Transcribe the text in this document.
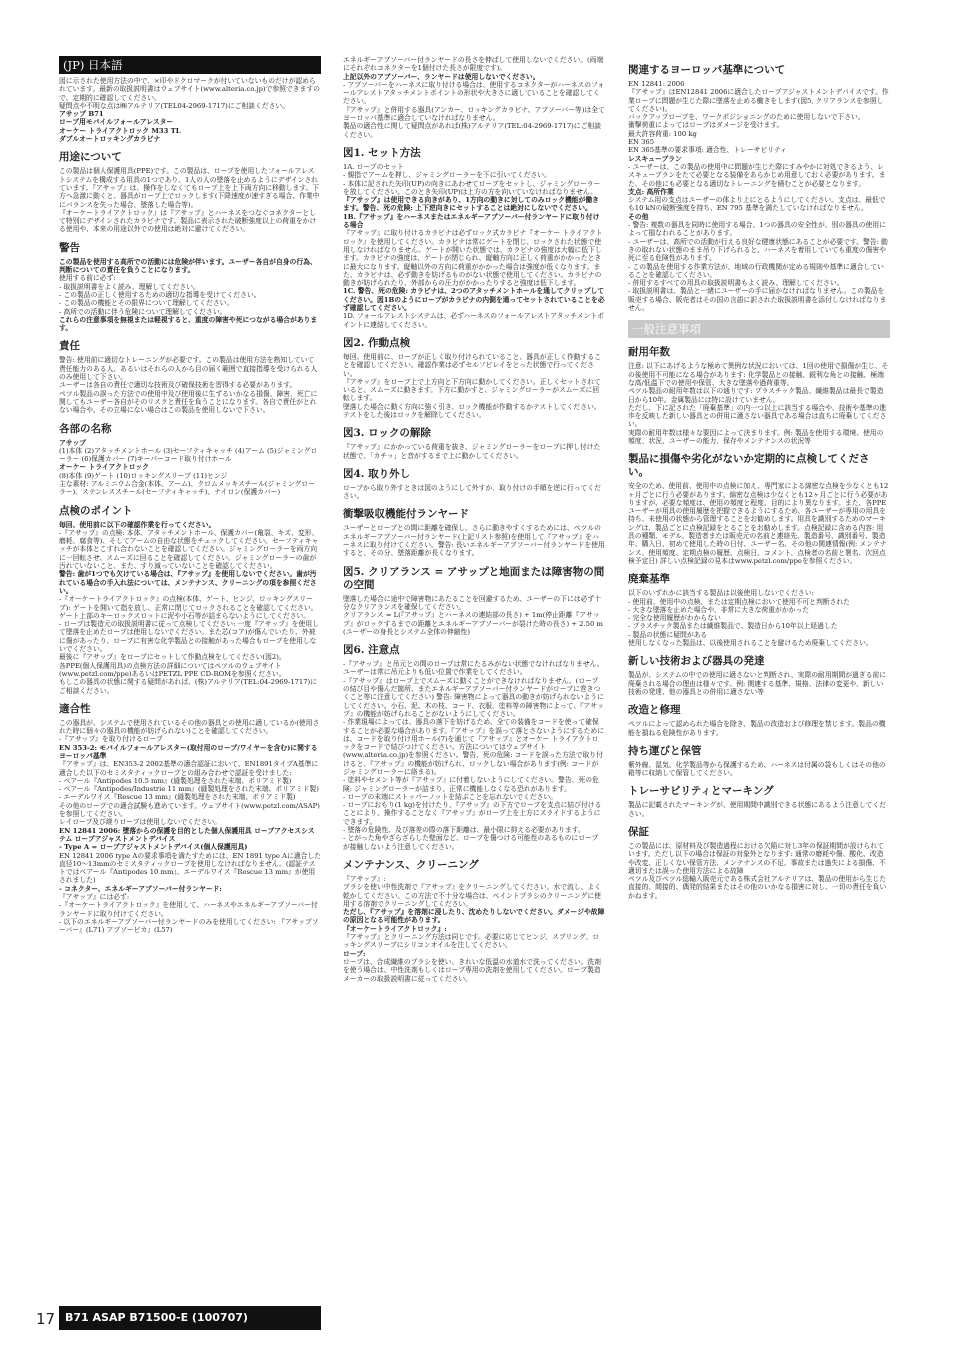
(JP) 日本語

図に示された使用方法の中で、×印やドクロマークが付いていないものだけが認められています。最新の取扱説明書はウェブサイト(www.alteria.co.jp)で参照できますので、定期的に確認してください。

疑問点や不明な点は㈱アルテリア(TEL04-2969-1717)にご相談ください。

アサップ B71

ロープ用モバイルフォールアレスター

オーケー トライアクトロック M33 TL

ダブルオートロッキングカラビナ

用途について

この製品は個人保護用具(PPE)です。この製品は、ロープを使用したフォールアレストシステムを構成する用具の1つであり、1人の人の墜落を止めるようにデザインされています。『アサップ』は、操作をしなくてもロープ上を上下両方向に移動します。下方へ急激に動くと、器具がロープ上でロックします(下降速度が速すぎる場合、作業中にバランスを失った場合、墜落した場合等)。

『オーケートライアクトロック』は『アサップ』とハーネスをつなぐコネクターとして特別にデザインされたカラビナです。製品に表示された破断強度以上の荷重をかける使用や、本来の用途以外での使用は絶対に避けてください。

警告

この製品を使用する高所での活動には危険が伴います。ユーザー各自が自身の行為、判断についての責任を負うことになります。

使用する前に必ず:

- 取扱説明書をよく読み、理解してください。

- この製品の正しく使用するための適切な指導を受けてください。

- この製品の機能とその限界について理解してください。

- 高所での活動に伴う危険について理解してください。

これらの注意事項を無視または軽視すると、重度の障害や死につながる場合があります。

責任

警告: 使用前に適切なトレーニングが必要です。この製品は使用方法を熟知していて責任能力のある人、あるいはそれらの人から目の届く範囲で直接指導を受けられる人のみ使用して下さい。

ユーザーは各自の責任で適切な技術及び確保技術を習得する必要があります。

ペツル製品の誤った方法での使用中及び使用後に生ずるいかなる損傷、障害、死亡に関してもユーザー各自がそのリスクと責任を負うことになります。各自で責任がとれない場合や、その立場にない場合はこの製品を使用しないで下さい。

各部の名称

アサップ

(1)本体 (2)アタッチメントホール (3)セーフティキャッチ (4)アーム (5)ジャミングローラー (6)保護カバー (7)キーパーコード取り付けホール

オーケー トライアクトロック

(8)本体 (9)ゲート (10)ロッキングスリーブ (11)ヒンジ

主な素材: アルミニウム合金(本体、アーム)、クロムメッキスチール(ジャミングローラー)、ステンレススチール(セーフティキャッチ)、ナイロン(保護カバー)

点検のポイント

毎回、使用前に以下の確認作業を行ってください。

-『アサップ』の点検: 本体、アタッチメントホール、保護カバー(亀裂、キズ、変形、磨耗、腐食等)、そしてアームの自由な状態をチェックしてください。セーフティキャッチが本体とこすれ合わないことを確認してください。ジャミングローラーを両方向に一回転させ、スムーズに回ることを確認してください。ジャミングローラーの歯が汚れていないこと、また、すり減っていないことを確認してください。

警告: 歯が1つでも欠けている場合は、『アサップ』を使用しないでください。歯が汚れている場合の手入れ法については、メンテナンス、クリーニングの項を参照ください。

-『オーケートライアクトロック』の点検(本体、ゲート、ヒンジ、ロッキングスリーブ): ゲートを開いて指を放し、正常に閉じてロックされることを確認してください。ゲート上部のキーロックスロットに泥や小石等が詰まらないようにしてください。

- ロープは製造元の取扱説明書に従って点検してください: 一度『アサップ』を使用して墜落を止めたロープは使用しないでください。また芯(コア)が傷んでいたり、外被に傷があったり、ロープに有害な化学製品との接触があった場合もロープを使用しないでください。

最後に『アサップ』をロープにセットして作動点検をしてください(図2)。

各PPE(個人保護用具)の点検方法の詳細についてはペツルのウェブサイト(www.petzl.com/ppe)あるいはPETZL PPE CD-ROMを参照ください。

もしこの器具の状態に関する疑問があれば、(株)アルテリア(TEL:04-2969-1717)にご相談ください。

適合性

この器具が、システムで使用されているその他の器具との使用に適しているか(使用された時に個々の器具の機能が妨げられない)ことを確認してください。

-『アサップ』を取り付けるロープ

EN 353-2: モバイルフォールアレスター(取付用のロープ/ワイヤーを含む)に関するヨーロッパ基準

『アサップ』は、EN353-2 2002基準の適合認証において、EN1891タイプA基準に適合した以下のセミスタティックロープとの組み合わせで認証を受けました:

- ベアール『Antipodes 10.5 mm』(縫製処理をされた末端、ポリアミド製)

- ベアール『Antipodes/Industrie 11 mm』(縫製処理をされた末端、ポリアミド製)

- エーデルワイス『Rescue 13 mm』(縫製処理をされた末端、ポリアミド製)

その他のロープでの適合試験も進めています。ウェブサイト(www.petzl.com/ASAP)を参照してください。

レイロープ及び縒りロープは使用しないでください。

EN 12841 2006: 墜落からの保護を目的とした個人保護用具 ロープアクセスシステム ロープアジャストメントデバイス

- Type A = ロープアジャストメントデバイス(個人保護用具)

EN 12841 2006 type Aの要求事項を満たすためには、EN 1891 type Aに適合した直径10〜13mmのセミスタティックロープを使用しなければなりません。(認証テストではベアール『Antipodes 10 mm』、エーデルワイス『Rescue 13 mm』が使用されました)

- コネクター、エネルギーアブソーバー付ランヤード:

『アサップ』には必ず:

-『オーケートライアクトロック』を使用して、ハーネスやエネルギーアブソーバー付ランヤードに取り付けてください。

- 以下のエネルギーアブソーバー付ランヤードのみを使用してください: 『アサップソーバー』(L71) アブソービカ』(L57)

エネルギーアブソーバー付ランヤードの長さを伸ばして使用しないでください。(両端にそれぞれコネクターを1個付けた長さが限度です)。

上記以外のアブソーバー、ランヤードは使用しないでください。

- アブソーバーをハーネスに取り付ける場合は、使用するコネクターがハーネスのフォールアレストアタッチメントポイントの形状や大きさに適していることを確認してください。

『アサップ』と併用する器具(アンカー、ロッキングカラビナ、アブソーバー等)は全てヨーロッパ基準に適合していなければなりません。

製品の適合性に関して疑問点があれば(株)アルテリア(TEL:04-2969-1717)にご相談ください。

図1. セット方法

1A. ロープのセット

- 親指でアームを押し、ジャミングローラーを下に引いてください。

- 本体に記された矢印(UP)の向きにあわせてロープをセットし、ジャミングローラーを放してください。このとき矢印(UP)は上方の方を向いていなければなりません。

『アサップ』は使用できる向きがあり、1方向の動きに対してのみロック機能が働きます。警告、死の危険: 上下逆向きにセットすることは絶対にしないでください。

1B.『アサップ』をハーネスまたはエネルギーアブソーバー付ランヤードに取り付ける場合

『アサップ』に取り付けるカラビナは必ずロック式カラビナ『オーケー トライアクトロック』を使用してください。カラビナは常にゲートを閉じ、ロックされた状態で使用しなければなりません。ゲートが開いた状態では、カラビナの強度は大幅に低下します。カラビナの強度は、ゲートが閉じられ、縦軸方向に正しく荷重がかかったときに最大になります。縦軸以外の方向に荷重がかかった場合は強度が低くなります。また、カラビナは、必ず動きを妨げるものがない状態で使用してください。カラビナの動きが妨げられたり、外部からの圧力がかかったりすると強度は低下します。

1C. 警告、死の危険: カラビナは、2つのアタッチメントホールを通してクリップしてください。図1Bのようにロープがカラビナの内側を通ってセットされていることを必ず確認してください。

1D. フォールアレストシステムは、必ずハーネスのフォールアレストアタッチメントポイントに連結してください。

図2. 作動点検

毎回、使用前に、ロープが正しく取り付けられていること、器具が正しく作動することを確認してください。確認作業は必ずセルフビレイをとった状態で行ってください。

『アサップ』をロープ上で上方向と下方向に動かしてください。正しくセットされていると、スムーズに動きます。下方に動かすと、ジャミングローラーがスムーズに回転します。

墜落した場合に動く方向に強く引き、ロック機能が作動するかテストしてください。

テストをした後はロックを解除してください。

図3. ロックの解除

『アサップ』にかかっている荷重を抜き、ジャミングローラーをロープに押し付けた状態で、「カチッ」と音がするまで上に動かしてください。

図4. 取り外し

ロープから取り外すときは図のようにして外すか、取り付けの手順を逆に行ってください。

衝撃吸収機能付ランヤード

ユーザーとロープとの間に距離を確保し、さらに動きやすくするためには、ペツルのエネルギーアブソーバー付ランヤード(上記リスト参照)を使用して『アサップ』をハーネスに取り付けてください。警告: 長いエネルギーアブソーバー付ランヤードを使用すると、その分、墜落距離が長くなります。

図5. クリアランス = アサップと地面または障害物の間の空間

墜落した場合に途中で障害物にあたることを回避するため、ユーザーの下には必ず十分なクリアランスを確保してください。

クリアランス = L(『アサップ』とハーネスの連結部の長さ) + 1m(停止距離『アサップ』がロックするまでの距離とエネルギーアブソーバーが裂けた時の長さ) + 2.50 m (ユーザーの身長とシステム全体の伸縮性)

図6. 注意点

-『アサップ』と吊元との間のロープは常にたるみがない状態でなければなりません。ユーザーは常に吊元よりも低い位置で作業をしてください。

-『アサップ』はロープ上でスムーズに動くことができなければなりません。(ロープの結び目や傷んだ箇所、またエネルギーアブソーバー付ランヤードがロープに巻きつくこと等に注意してください) 警告: 障害物によって器具の動きが妨げられないようにしてください。小石、泥、木の枝、コード、衣服、塗料等の障害物によって、『アサップ』の機能が妨げられることがないようにしてください。

- 作業現場によっては、器具の落下を妨げるため、全ての装備をコードを使って確保することが必要な場合があります。『アサップ』を誤って落とさないようにするためには、コードを取り付け用ホール(7)を通じて『アサップ』とオーケー トライアクトロックをコードで結びつけてください。方法についてはウェブサイト(www.alteria.co.jp)を参照ください。警告、死の危険: コードを誤った方法で取り付けると、『アサップ』の機能が妨げられ、ロックしない場合があります(例: コードがジャミングローラーに絡まる)。

- 塗料やセメント等が『アサップ』に付着しないようにしてください。警告、死の危険: ジャミングローラーが詰まり、正常に機能しなくなる恐れがあります。

- ロープの末端にストッパーノットを結ぶことを忘れないでください。

- ロープにおもり(1 kg)を付けたり、『アサップ』の下方でロープを支点に結び付けることにより、操作することなく『アサップ』がロープ上を上方にスライドするようにできます。

- 墜落の危険性、及び落差の際の落下距離は、最小限に抑える必要があります。

- とがった角やざらざらした壁面など、ロープを傷つける可能性のあるものにロープが接触しないよう注意してください。

メンテナンス、クリーニング

『アサップ』:

ブラシを使い中性洗剤で『アサップ』をクリーニングしてください。水で流し、よく乾かしてください。この方法で不十分な場合は、ペイントブラシのクリーニングに使用する溶剤でクリーニングしてください。

ただし、『アサップ』を溶剤に浸したり、沈めたりしないでください。ダメージや故障の原因となる可能性があります。

『オーケートライアクトロック』:

『アサップ』とクリーニング方法は同じです。必要に応じてヒンジ、スプリング、ロッキングスリーブにシリコンオイルを注してください。

ロープ:

ロープは、合成繊維のブラシを使い、きれいな低温の水道水で洗ってください。洗剤を使う場合は、中性洗剤もしくはロープ専用の洗剤を使用してください。ロープ製造メーカーの取扱説明書に従ってください。

関連するヨーロッパ基準について

EN 12841: 2006

『アサップ』はEN12841 2006に適合したロープアジャストメントデバイスです。作業ロープに問題が生じた際に墜落を止める働きをします(図5, クリアランスを参照してください)。

バックアップロープを、ワークポジショニングのために使用しないで下さい。

衝撃荷重によってはロープはダメージを受けます。

最大許容荷重: 100 kg

EN 365

EN 365基準の要求事項: 適合性、トレーサビリティ

レスキュープラン

- ユーザーは、この製品の使用中に問題が生じた際にすみやかに対処できるよう、レスキュープランをたて必要となる装備をあらかじめ用意しておく必要があります。また、その他にも必要となる適切なトレーニングを積むことが必要となります。

支点: 高所作業

システム用の支点はユーザーの体より上にとるようにしてください。支点は、最低でも10 kNの破断強度を持ち、EN 795 基準を満たしていなければなりません。

その他

- 警告: 複数の器具を同時に使用する場合、1つの器具の安全性が、別の器具の使用によって損なわれることがあります。

- ユーザーは、高所での活動が行える良好な健康状態にあることが必要です。警告: 動きの取れない状態のまま吊り下げられると、ハーネスを着用していても重度の傷害や死に至る危険性があります。

- この製品を使用する作業方法が、地域の行政機関が定める規則や基準に適合していることを確認してください。

- 併用するすべての用具の取扱説明書もよく読み、理解してください。

- 取扱説明書は、製品と一緒にユーザーの手に届かなければなりません。この製品を販売する場合、販売者はその国の言語に訳された取扱説明書を添付しなければなりません。

一般注意事項
耐用年数

注意: 以下にあげるような極めて異例な状況においては、1回の使用で損傷が生じ、その後使用不可能になる場合があります: 化学製品との接触、鋭利な角との接触、極端な高/低温下での使用や保管、大きな墜落や過荷重等。

ペツル製品の耐用年数は以下の通りです: プラスチック製品、繊維製品は最長で製造日から10年。金属製品には特に設けていません。

ただし、下に記された「廃棄基準」の内一つ以上に該当する場合や、技術や基準の進歩を反映した新しい器具との併用に適さない器具である場合は直ちに廃棄してください。

実際の耐用年数は様々な要因によって決まります。例: 製品を使用する環境、使用の頻度、状況、ユーザーの能力、保存やメンテナンスの状況等

製品に損傷や劣化がないか定期的に点検してください。

安全のため、使用前、使用中の点検に加え、専門家による綿密な点検を少なくとも12ヶ月ごとに行う必要があります。綿密な点検は少なくとも12ヶ月ごとに行う必要がありますが、必要な頻度は、使用の頻度と程度、目的により異なります。また、各PPEユーザーが用具の使用履歴を把握できるようにするため、各ユーザーが専用の用具を持ち、未使用の状態から管理することをお勧めします。用具を識別するためのマーキングは、製品ごとに点検記録をとることをお勧めします。点検記録に含める内容: 用具の種類、モデル、製造者または販売元の名前と連絡先、製造番号、識別番号、製造年、購入日、初めて使用した時の日付、ユーザー名、その他の関連情報(例: メンテナンス、使用頻度、定期点検の履歴、点検日、コメント、点検者の名前と署名、次回点検予定日) 詳しい点検記録の見本はwww.petzl.com/ppeを参照ください。

廃棄基準

以下のいずれかに該当する製品は以後使用しないでください:

- 使用前、使用中の点検、または定期点検において使用不可と判断された

- 大きな墜落を止めた場合や、非常に大きな荷重がかかった

- 完全な使用履歴がわからない

- プラスチック製品または繊維製品で、製造日から10年以上経過した

- 製品の状態に疑問がある

使用しなくなった製品は、以後使用されることを避けるため廃棄してください。

新しい技術および器具の発達

製品が、システムの中での使用に適さないと判断され、実際の耐用期間が過ぎる前に廃棄される場合の理由は様々です。例: 関連する基準、規格、法律の変更や、新しい技術の発達、他の器具との併用に適さない等

改造と修理

ペツルによって認められた場合を除き、製品の改造および修理を禁じます。製品の機能を損ねる危険性があります。

持ち運びと保管

紫外線、湿気、化学製品等から保護するため、ハーネスは付属の袋もしくはその他の箱等に収納して保管してください。

トレーサビリティとマーキング

製品に記載されたマーキングが、使用期間中識別できる状態にあるよう注意してください。

保証

この製品には、原材料及び製造過程における欠陥に対し3年の保証期間が設けられています。ただし以下の場合は保証の対象外となります: 通常の磨耗や傷、酸化、改造や改変、正しくない保管方法、メンテナンスの不足、事故または過失による損傷、不適切または誤った使用方法による故障

ペツル及びペツル総輸入販売元である株式会社アルテリアは、製品の使用から生じた直接的、間接的、偶発的結果またはその他のいかなる損害に対し、一切の責任を負いかねます。

17 B71 ASAP B71500-E (100707)
